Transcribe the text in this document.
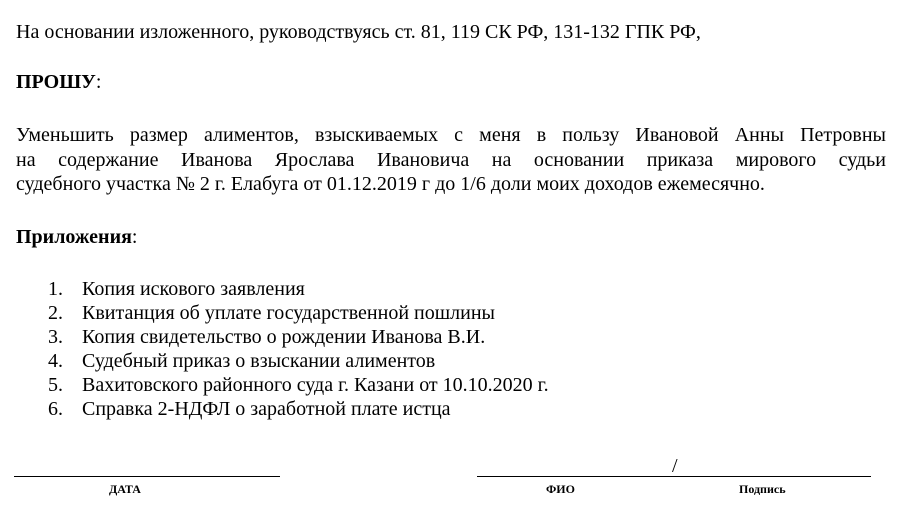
На основании изложенного, руководствуясь ст. 81, 119 СК РФ, 131-132 ГПК РФ,
ПРОШУ:
Уменьшить размер алиментов, взыскиваемых с меня в пользу Ивановой Анны Петровны
на содержание Иванова Ярослава Ивановича на основании приказа мирового судьи
судебного участка № 2 г. Елабуга от 01.12.2019 г до 1/6 доли моих доходов ежемесячно.
Приложения:
1. Копия искового заявления
2. Квитанция об уплате государственной пошлины
3. Копия свидетельство о рождении Иванова В.И.
4. Судебный приказ о взыскании алиментов
5. Вахитовского районного суда г. Казани от 10.10.2020 г.
6. Справка 2-НДФЛ о заработной плате истца
/
ДАТА	ФИО	Подпись
